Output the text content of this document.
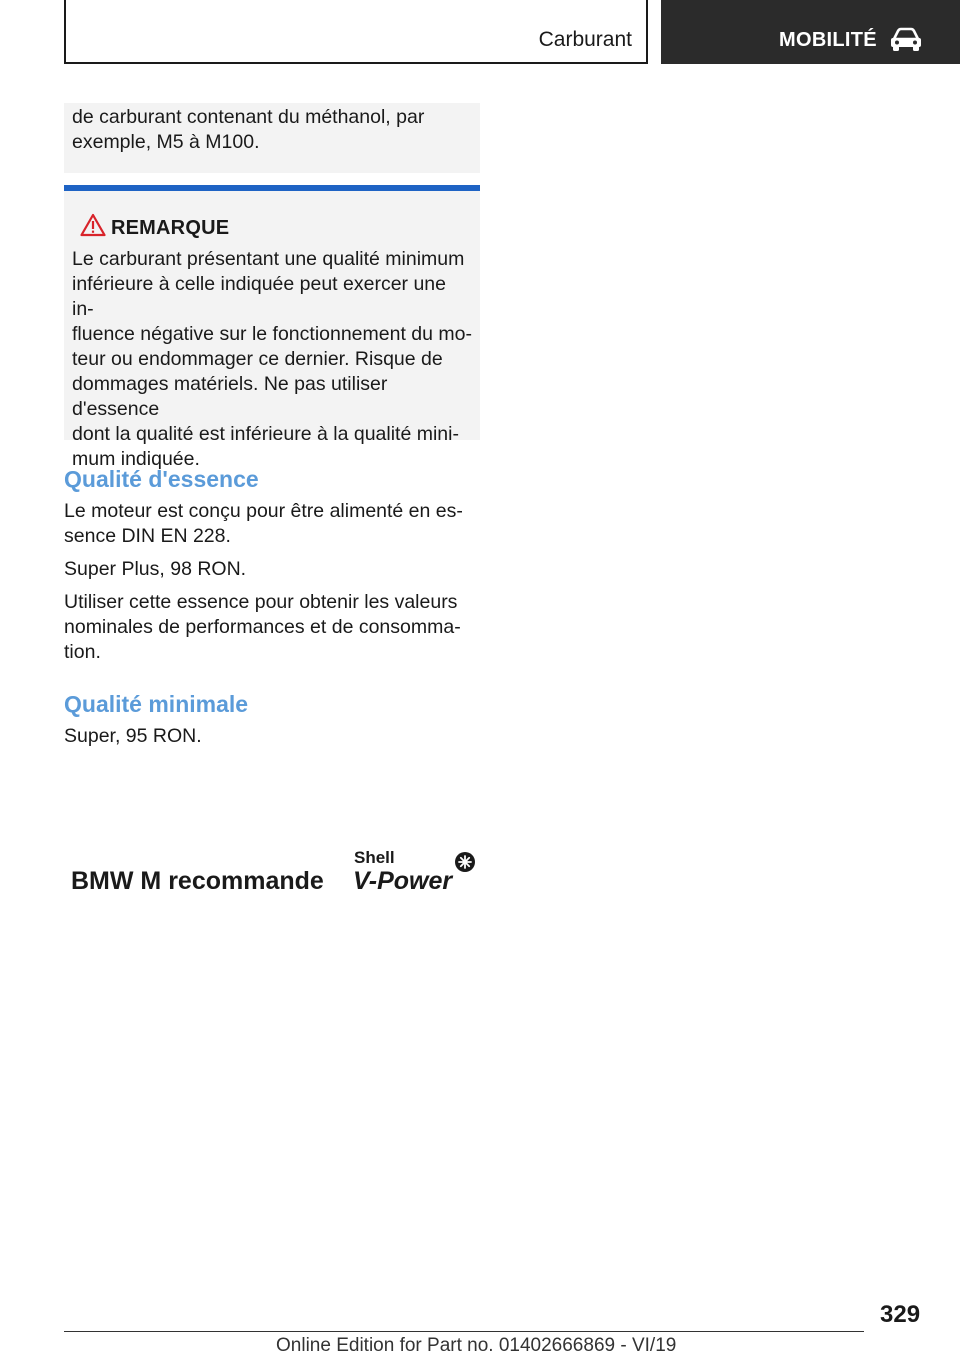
Carburant	MOBILITÉ

de carburant contenant du méthanol, par

exemple, M5 à M100.

REMARQUE

Le carburant présentant une qualité minimum

inférieure à celle indiquée peut exercer une in-

fluence négative sur le fonctionnement du mo-

teur ou endommager ce dernier. Risque de

dommages matériels. Ne pas utiliser d'essence

dont la qualité est inférieure à la qualité mini-

mum indiquée.

Qualité d'essence

Le moteur est conçu pour être alimenté en es-

sence DIN EN 228.

Super Plus, 98 RON.

Utiliser cette essence pour obtenir les valeurs

nominales de performances et de consomma-

tion.

Qualité minimale

Super, 95 RON.

BMW M recommande
Shell
V-Power
329
Online Edition for Part no. 01402666869 - VI/19
